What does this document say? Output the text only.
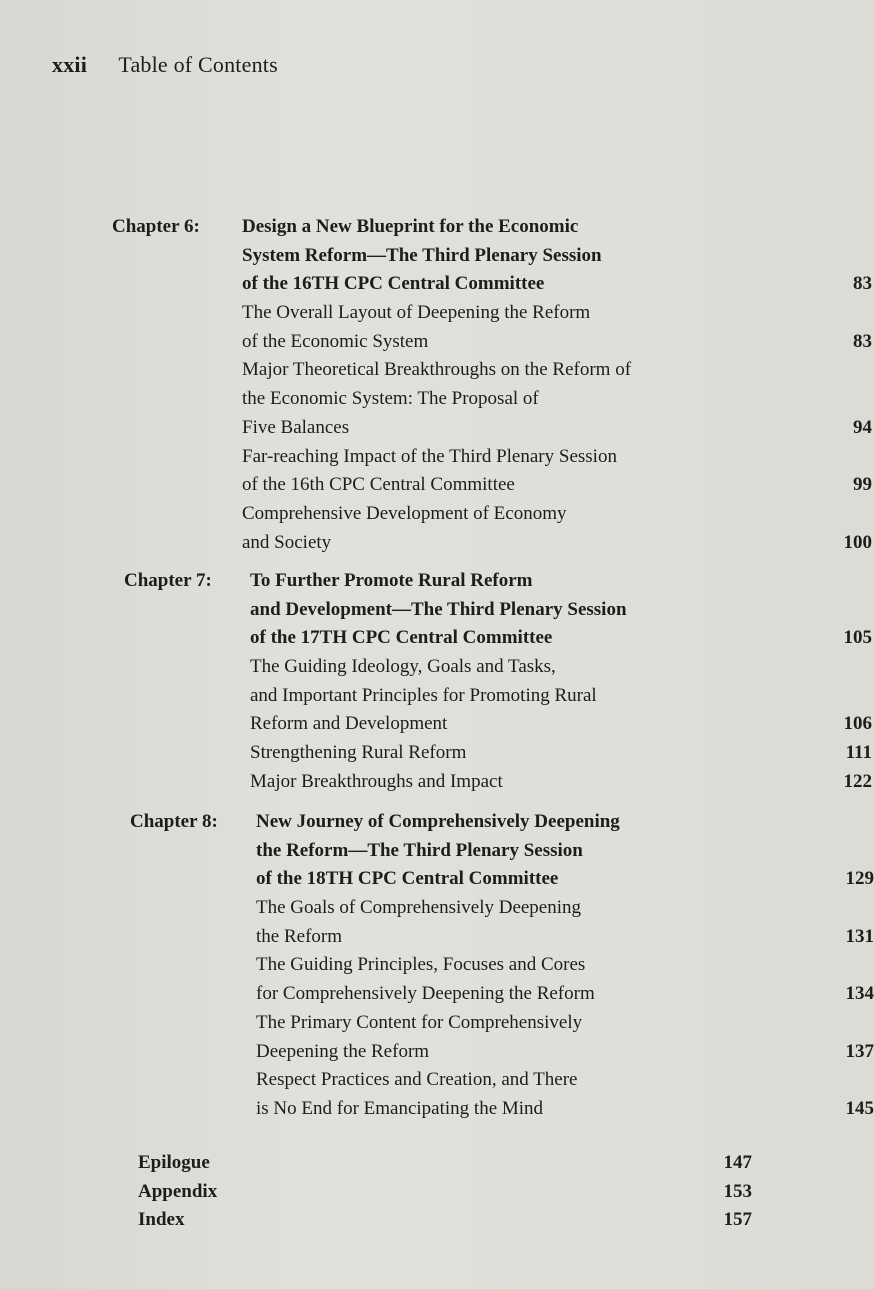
xxii Table of Contents
Chapter 6: Design a New Blueprint for the Economic
System Reform—The Third Plenary Session
of the 16TH CPC Central Committee	83
The Overall Layout of Deepening the Reform
of the Economic System	83
Major Theoretical Breakthroughs on the Reform of
the Economic System: The Proposal of
Five Balances	94
Far-reaching Impact of the Third Plenary Session
of the 16th CPC Central Committee	99
Comprehensive Development of Economy
and Society	100
Chapter 7: To Further Promote Rural Reform
and Development—The Third Plenary Session
of the 17TH CPC Central Committee	105
The Guiding Ideology, Goals and Tasks,
and Important Principles for Promoting Rural
Reform and Development	106
Strengthening Rural Reform	111
Major Breakthroughs and Impact	122
Chapter 8: New Journey of Comprehensively Deepening
the Reform—The Third Plenary Session
of the 18TH CPC Central Committee	129
The Goals of Comprehensively Deepening
the Reform	131
The Guiding Principles, Focuses and Cores
for Comprehensively Deepening the Reform	134
The Primary Content for Comprehensively
Deepening the Reform	137
Respect Practices and Creation, and There
is No End for Emancipating the Mind	145
Epilogue	147
Appendix	153
Index	157
